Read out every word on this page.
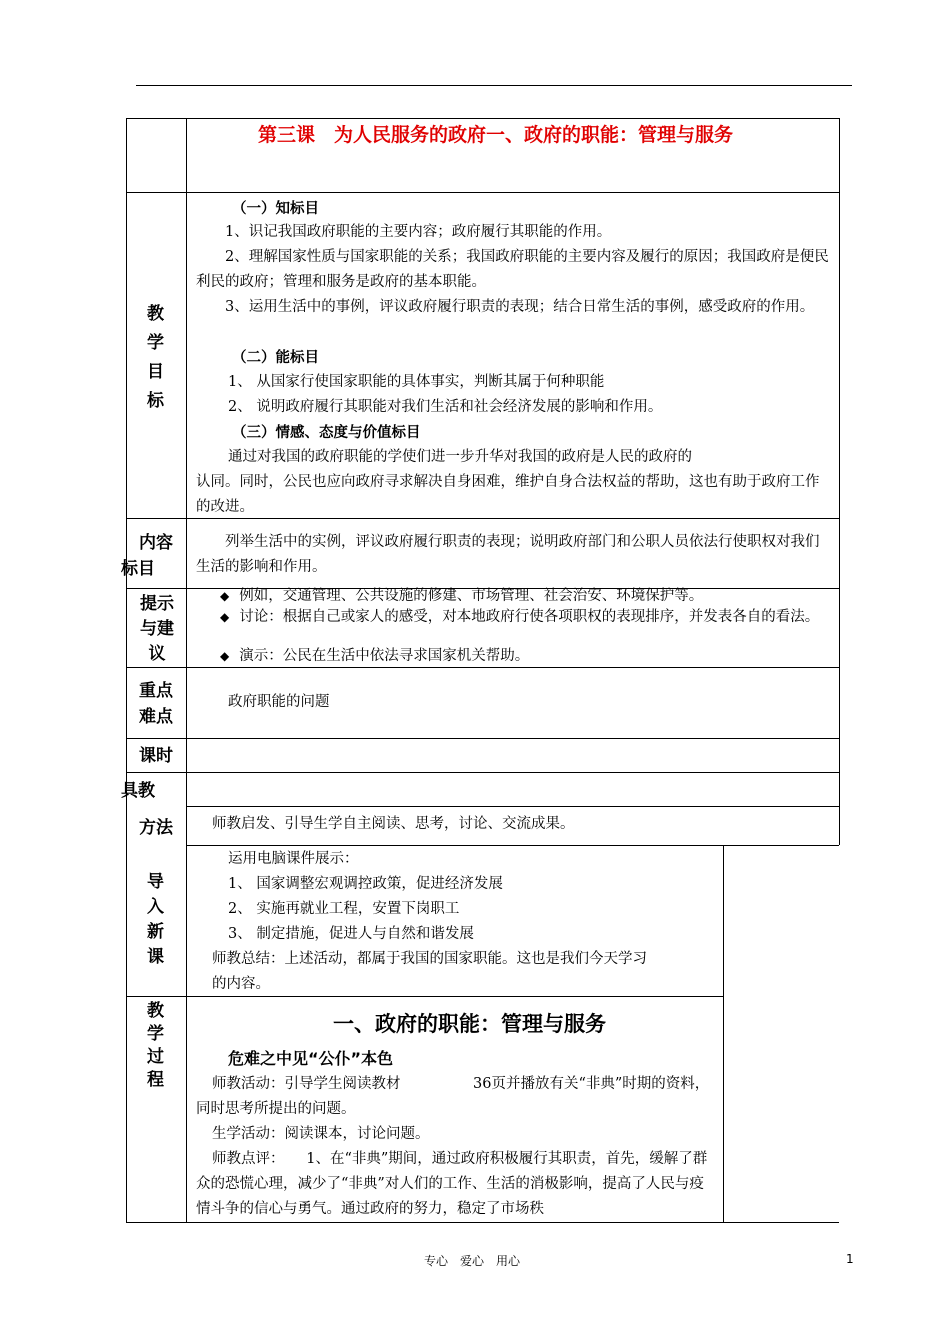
第三课　为人民服务的政府一、政府的职能：管理与服务
教学目标
内容
标目
提示与建议
重点
难点
课时
具教
方法
导入新课
教学过程
（一）知标目

1、识记我国政府职能的主要内容；政府履行其职能的作用。

2、理解国家性质与国家职能的关系；我国政府职能的主要内容及履行的原因；我国政府是便民利民的政府；管理和服务是政府的基本职能。

3、运用生活中的事例，评议政府履行职责的表现；结合日常生活的事例，感受政府的作用。

（二）能标目

1、 从国家行使国家职能的具体事实，判断其属于何种职能

2、 说明政府履行其职能对我们生活和社会经济发展的影响和作用。

（三）情感、态度与价值标目

通过对我国的政府职能的学使们进一步升华对我国的政府是人民的政府的

认同。同时，公民也应向政府寻求解决自身困难，维护自身合法权益的帮助，这也有助于政府工作的改进。

列举生活中的实例，评议政府履行职责的表现；说明政府部门和公职人员依法行使职权对我们生活的影响和作用。

◆ 例如，交通管理、公共设施的修建、市场管理、社会治安、环境保护等。

◆ 讨论：根据自己或家人的感受，对本地政府行使各项职权的表现排序，并发表各自的看法。

◆ 演示：公民在生活中依法寻求国家机关帮助。

政府职能的问题

师教启发、引导生学自主阅读、思考，讨论、交流成果。

运用电脑课件展示：

1、 国家调整宏观调控政策，促进经济发展

2、 实施再就业工程，安置下岗职工

3、 制定措施，促进人与自然和谐发展

师教总结：上述活动，都属于我国的国家职能。这也是我们今天学习的内容。

一、政府的职能：管理与服务
危难之中见“公仆”本色

师教活动：引导学生阅读教材　　　　　36页并播放有关“非典”时期的资料，同时思考所提出的问题。

生学活动：阅读课本，讨论问题。

师教点评：　　1、在“非典”期间，通过政府积极履行其职责，首先，缓解了群众的恐慌心理，减少了“非典”对人们的工作、生活的消极影响，提高了人民与疫情斗争的信心与勇气。通过政府的努力，稳定了市场秩

专心　爱心　用心	1
